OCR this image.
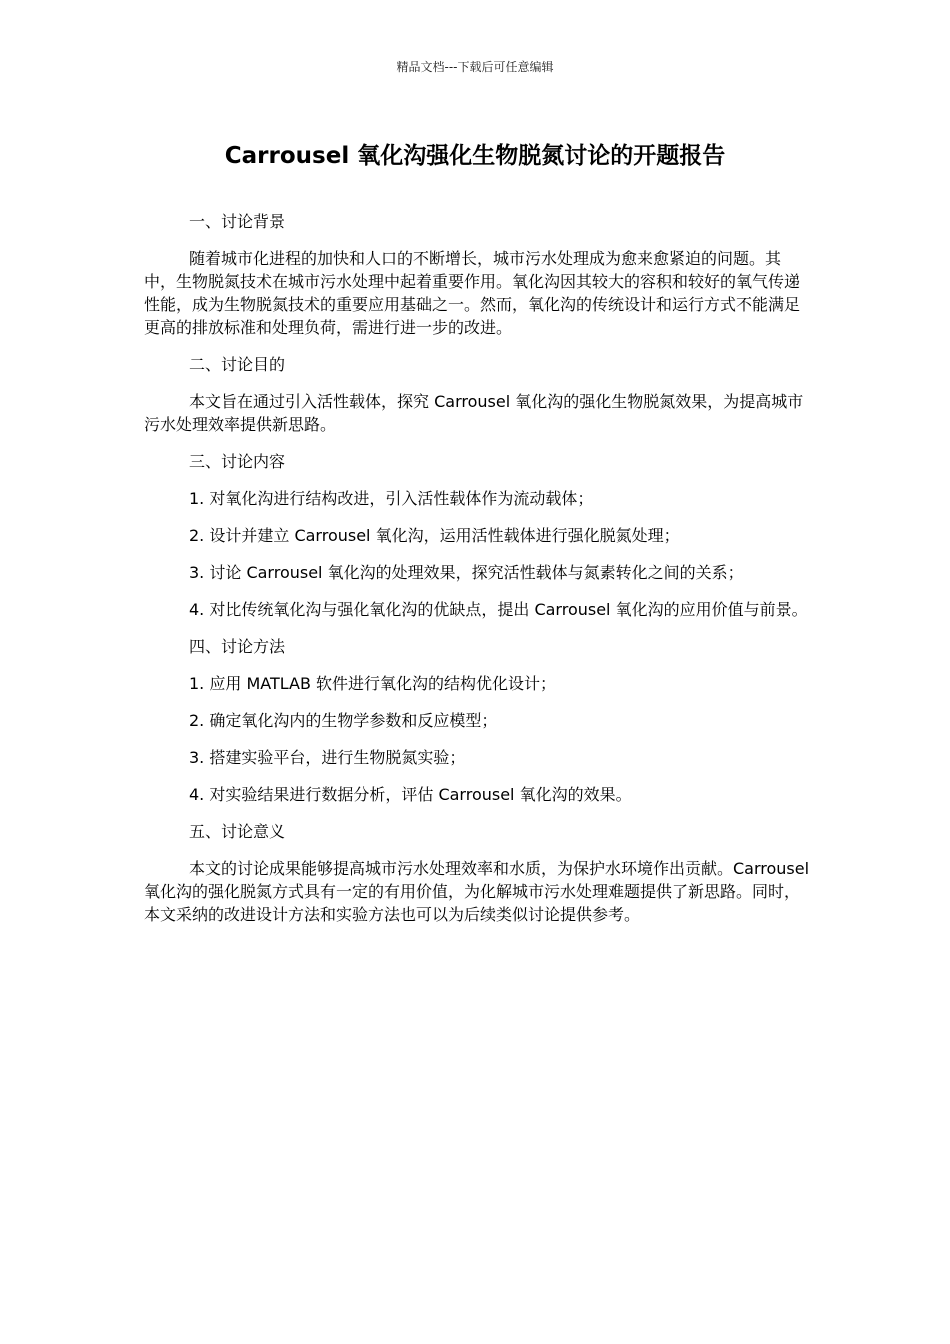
精品文档---下载后可任意编辑
Carrousel 氧化沟强化生物脱氮讨论的开题报告

一、讨论背景

随着城市化进程的加快和人口的不断增长，城市污水处理成为愈来愈紧迫的问题。其中，生物脱氮技术在城市污水处理中起着重要作用。氧化沟因其较大的容积和较好的氧气传递性能，成为生物脱氮技术的重要应用基础之一。然而，氧化沟的传统设计和运行方式不能满足更高的排放标准和处理负荷，需进行进一步的改进。

二、讨论目的

本文旨在通过引入活性载体，探究 Carrousel 氧化沟的强化生物脱氮效果，为提高城市污水处理效率提供新思路。

三、讨论内容

1. 对氧化沟进行结构改进，引入活性载体作为流动载体；

2. 设计并建立 Carrousel 氧化沟，运用活性载体进行强化脱氮处理；

3. 讨论 Carrousel 氧化沟的处理效果，探究活性载体与氮素转化之间的关系；

4. 对比传统氧化沟与强化氧化沟的优缺点，提出 Carrousel 氧化沟的应用价值与前景。

四、讨论方法

1. 应用 MATLAB 软件进行氧化沟的结构优化设计；

2. 确定氧化沟内的生物学参数和反应模型；

3. 搭建实验平台，进行生物脱氮实验；

4. 对实验结果进行数据分析，评估 Carrousel 氧化沟的效果。

五、讨论意义

本文的讨论成果能够提高城市污水处理效率和水质，为保护水环境作出贡献。Carrousel 氧化沟的强化脱氮方式具有一定的有用价值，为化解城市污水处理难题提供了新思路。同时，本文采纳的改进设计方法和实验方法也可以为后续类似讨论提供参考。
